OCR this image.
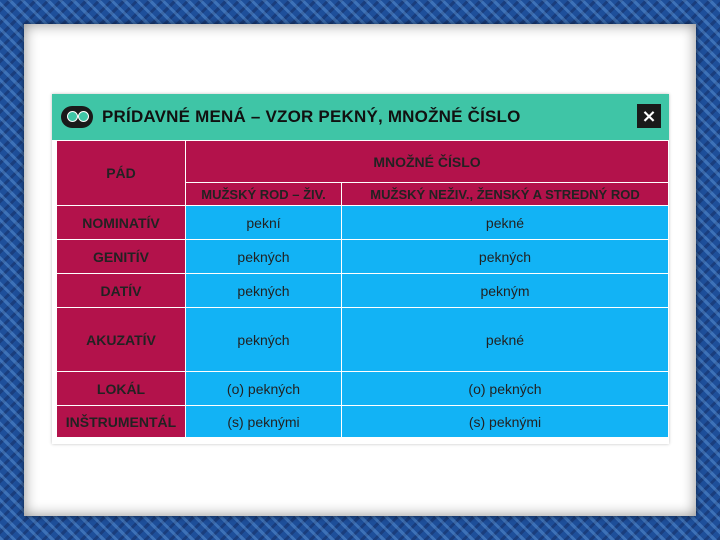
PRÍDAVNÉ MENÁ – VZOR PEKNÝ, MNOŽNÉ ČÍSLO	×
PÁD	MNOŽNÉ ČÍSLO	
	MUŽSKÝ ROD – ŽIV.	MUŽSKÝ NEŽIV., ŽENSKÝ A STREDNÝ ROD
NOMINATÍV	pekní	pekné
GENITÍV	pekných	pekných
DATÍV	pekných	pekným
AKUZATÍV	pekných	pekné
LOKÁL	(o) pekných	(o) pekných
INŠTRUMENTÁL	(s) peknými	(s) peknými
